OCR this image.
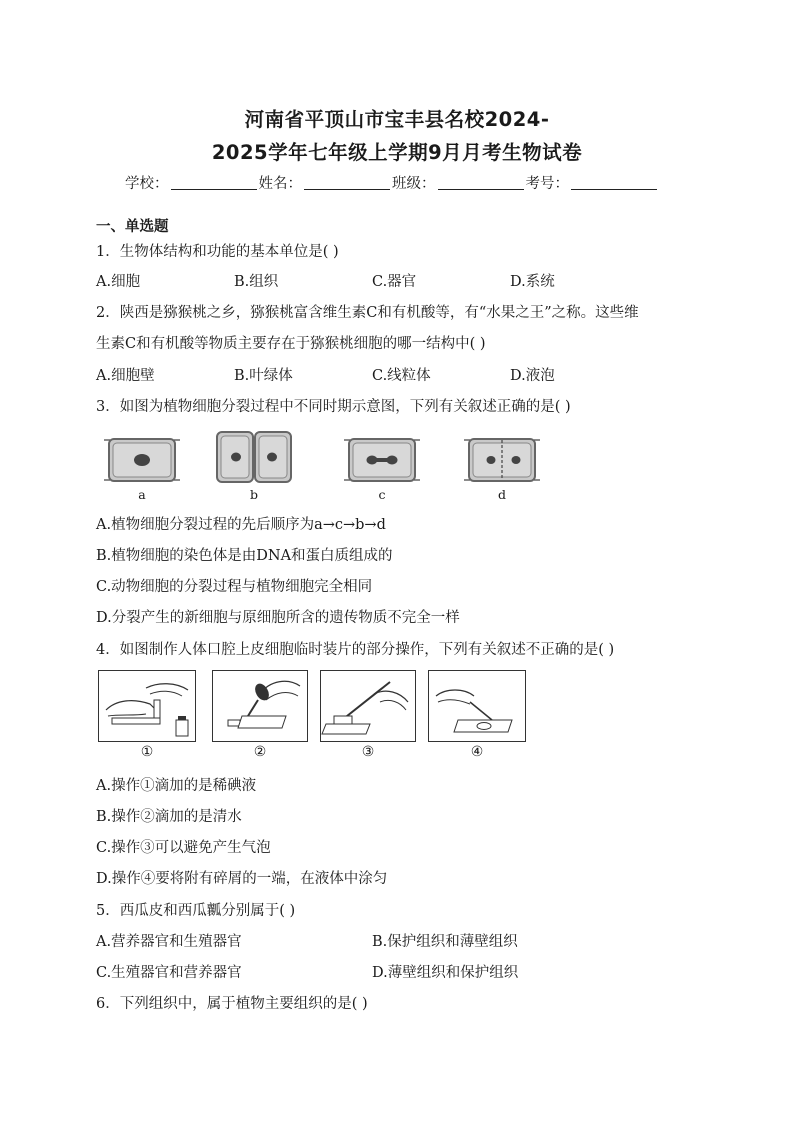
河南省平顶山市宝丰县名校2024-
2025学年七年级上学期9月月考生物试卷
学校：	姓名：	班级：	考号：
一、单选题
1．生物体结构和功能的基本单位是( )
A.细胞	B.组织	C.器官	D.系统
2．陕西是猕猴桃之乡，猕猴桃富含维生素C和有机酸等，有“水果之王”之称。这些维
生素C和有机酸等物质主要存在于猕猴桃细胞的哪一结构中( )
A.细胞壁	B.叶绿体	C.线粒体	D.液泡
3．如图为植物细胞分裂过程中不同时期示意图，下列有关叙述正确的是( )
a	b	c	d
A.植物细胞分裂过程的先后顺序为a→c→b→d
B.植物细胞的染色体是由DNA和蛋白质组成的
C.动物细胞的分裂过程与植物细胞完全相同
D.分裂产生的新细胞与原细胞所含的遗传物质不完全一样
4．如图制作人体口腔上皮细胞临时装片的部分操作，下列有关叙述不正确的是( )
①	②	③	④
A.操作①滴加的是稀碘液
B.操作②滴加的是清水
C.操作③可以避免产生气泡
D.操作④要将附有碎屑的一端，在液体中涂匀
5．西瓜皮和西瓜瓤分别属于( )
A.营养器官和生殖器官	B.保护组织和薄壁组织
C.生殖器官和营养器官	D.薄壁组织和保护组织
6．下列组织中，属于植物主要组织的是( )
